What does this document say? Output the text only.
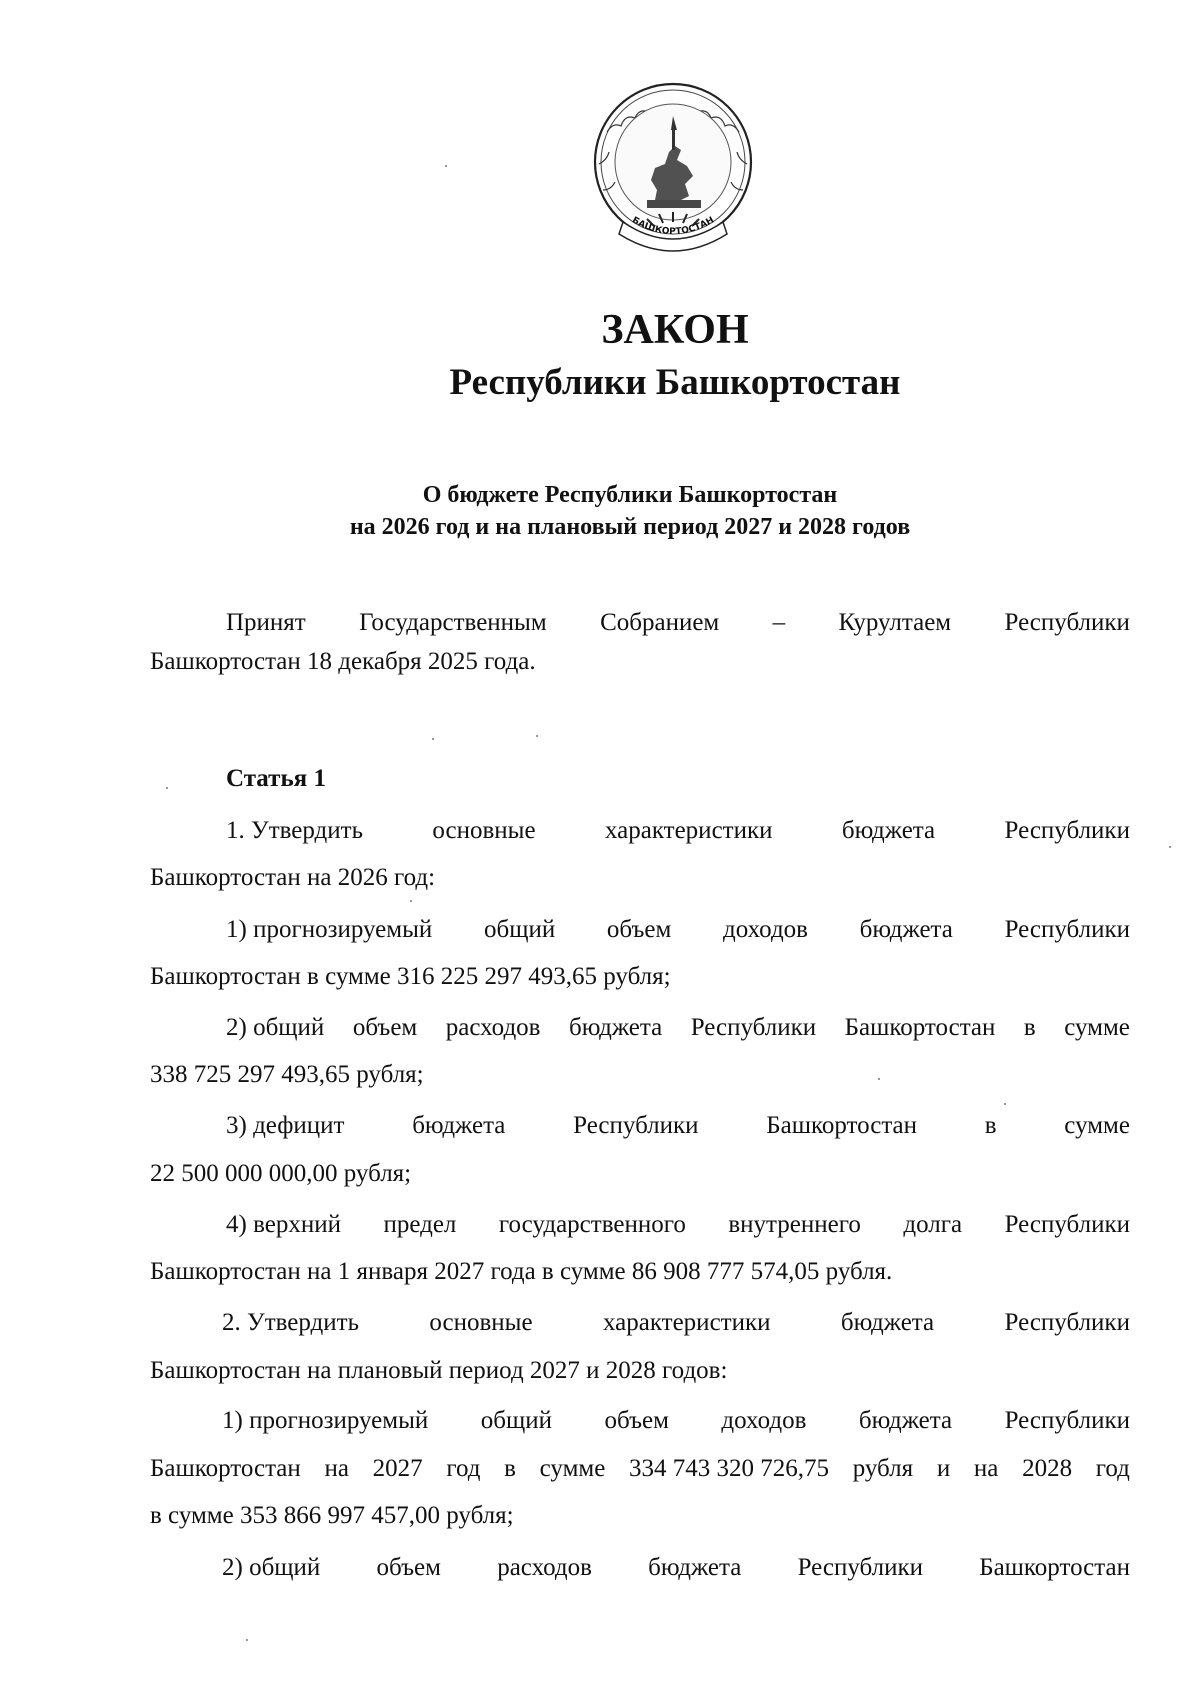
БАШКОРТОСТАН
ЗАКОН
Республики Башкортостан
О бюджете Республики Башкортостан
на 2026 год и на плановый период 2027 и 2028 годов
Принят Государственным Собранием – Курултаем Республики
Башкортостан 18 декабря 2025 года.
Статья 1
1. Утвердить	основные	характеристики	бюджета	Республики
Башкортостан на 2026 год:
1) прогнозируемый общий объем доходов бюджета Республики
Башкортостан в сумме 316 225 297 493,65 рубля;
2) общий объем расходов бюджета Республики Башкортостан в сумме
338 725 297 493,65 рубля;
3) дефицит	бюджета	Республики	Башкортостан	в	сумме
22 500 000 000,00 рубля;
4) верхний предел государственного внутреннего долга Республики
Башкортостан на 1 января 2027 года в сумме 86 908 777 574,05 рубля.
2. Утвердить	основные	характеристики	бюджета	Республики
Башкортостан на плановый период 2027 и 2028 годов:
1) прогнозируемый общий объем доходов бюджета Республики
Башкортостан на 2027 год в сумме 334 743 320 726,75 рубля и на 2028 год
в сумме 353 866 997 457,00 рубля;
2) общий объем расходов бюджета Республики Башкортостан
